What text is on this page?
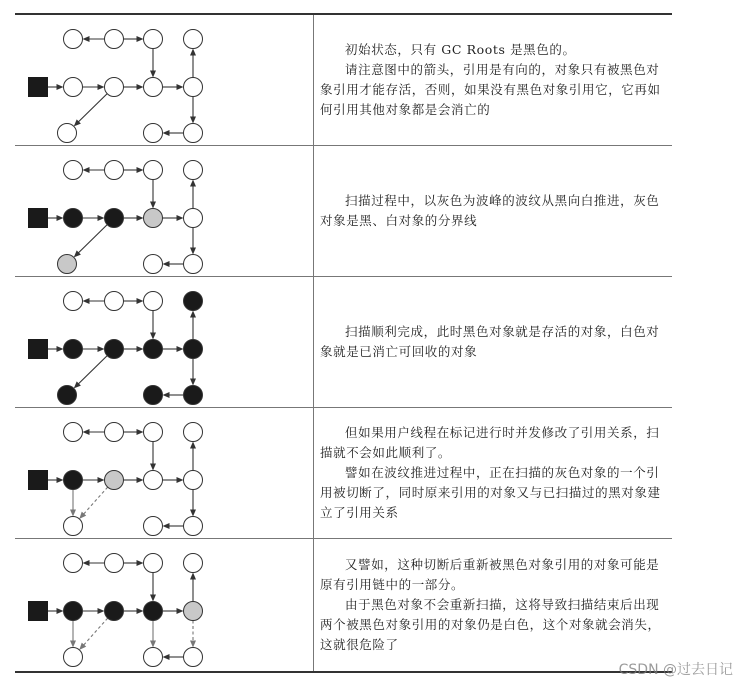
初始状态，只有 GC Roots 是黑色的。

请注意图中的箭头，引用是有向的，对象只有被黑色对象引用才能存活，否则，如果没有黑色对象引用它，它再如何引用其他对象都是会消亡的

扫描过程中，以灰色为波峰的波纹从黑向白推进，灰色对象是黑、白对象的分界线

扫描顺利完成，此时黑色对象就是存活的对象，白色对象就是已消亡可回收的对象

但如果用户线程在标记进行时并发修改了引用关系，扫描就不会如此顺利了。

譬如在波纹推进过程中，正在扫描的灰色对象的一个引用被切断了，同时原来引用的对象又与已扫描过的黑对象建立了引用关系

又譬如，这种切断后重新被黑色对象引用的对象可能是原有引用链中的一部分。

由于黑色对象不会重新扫描，这将导致扫描结束后出现两个被黑色对象引用的对象仍是白色，这个对象就会消失，这就很危险了

CSDN @过去日记
